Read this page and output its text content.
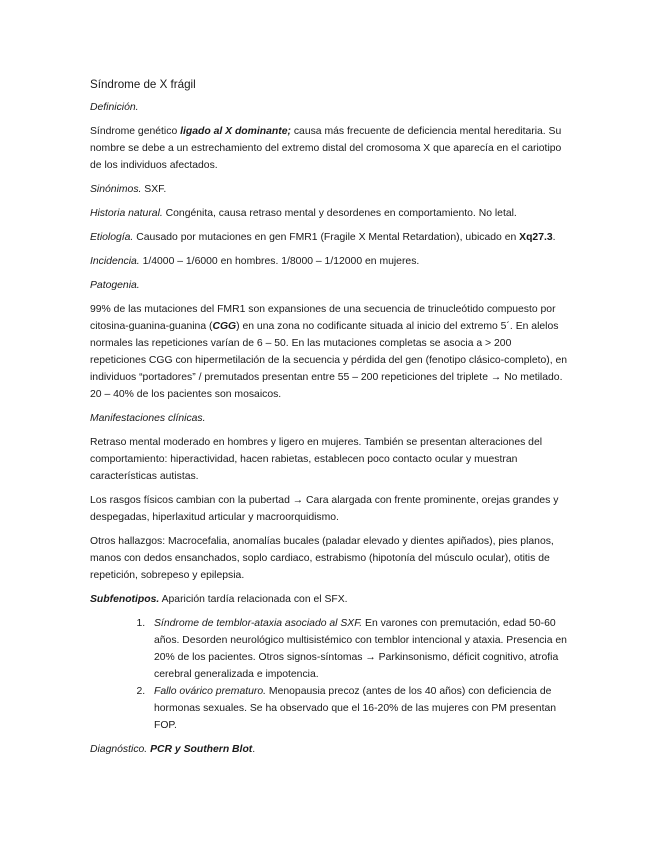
Síndrome de X frágil

Definición.

Síndrome genético ligado al X dominante; causa más frecuente de deficiencia mental hereditaria. Su nombre se debe a un estrechamiento del extremo distal del cromosoma X que aparecía en el cariotipo de los individuos afectados.

Sinónimos. SXF.

Historia natural. Congénita, causa retraso mental y desordenes en comportamiento. No letal.

Etiología. Causado por mutaciones en gen FMR1 (Fragile X Mental Retardation), ubicado en Xq27.3.

Incidencia. 1/4000 – 1/6000 en hombres. 1/8000 – 1/12000 en mujeres.

Patogenia.

99% de las mutaciones del FMR1 son expansiones de una secuencia de trinucleótido compuesto por citosina-guanina-guanina (CGG) en una zona no codificante situada al inicio del extremo 5´. En alelos normales las repeticiones varían de 6 – 50. En las mutaciones completas se asocia a > 200 repeticiones CGG con hipermetilación de la secuencia y pérdida del gen (fenotipo clásico-completo), en individuos “portadores” / premutados presentan entre 55 – 200 repeticiones del triplete → No metilado. 20 – 40% de los pacientes son mosaicos.

Manifestaciones clínicas.

Retraso mental moderado en hombres y ligero en mujeres. También se presentan alteraciones del comportamiento: hiperactividad, hacen rabietas, establecen poco contacto ocular y muestran características autistas.

Los rasgos físicos cambian con la pubertad → Cara alargada con frente prominente, orejas grandes y despegadas, hiperlaxitud articular y macroorquidismo.

Otros hallazgos: Macrocefalia, anomalías bucales (paladar elevado y dientes apiñados), pies planos, manos con dedos ensanchados, soplo cardiaco, estrabismo (hipotonía del músculo ocular), otitis de repetición, sobrepeso y epilepsia.

Subfenotipos. Aparición tardía relacionada con el SFX.

1. Síndrome de temblor-ataxia asociado al SXF. En varones con premutación, edad 50-60 años. Desorden neurológico multisistémico con temblor intencional y ataxia. Presencia en 20% de los pacientes. Otros signos-síntomas → Parkinsonismo, déficit cognitivo, atrofia cerebral generalizada e impotencia.
2. Fallo ovárico prematuro. Menopausia precoz (antes de los 40 años) con deficiencia de hormonas sexuales. Se ha observado que el 16-20% de las mujeres con PM presentan FOP.

Diagnóstico. PCR y Southern Blot.
